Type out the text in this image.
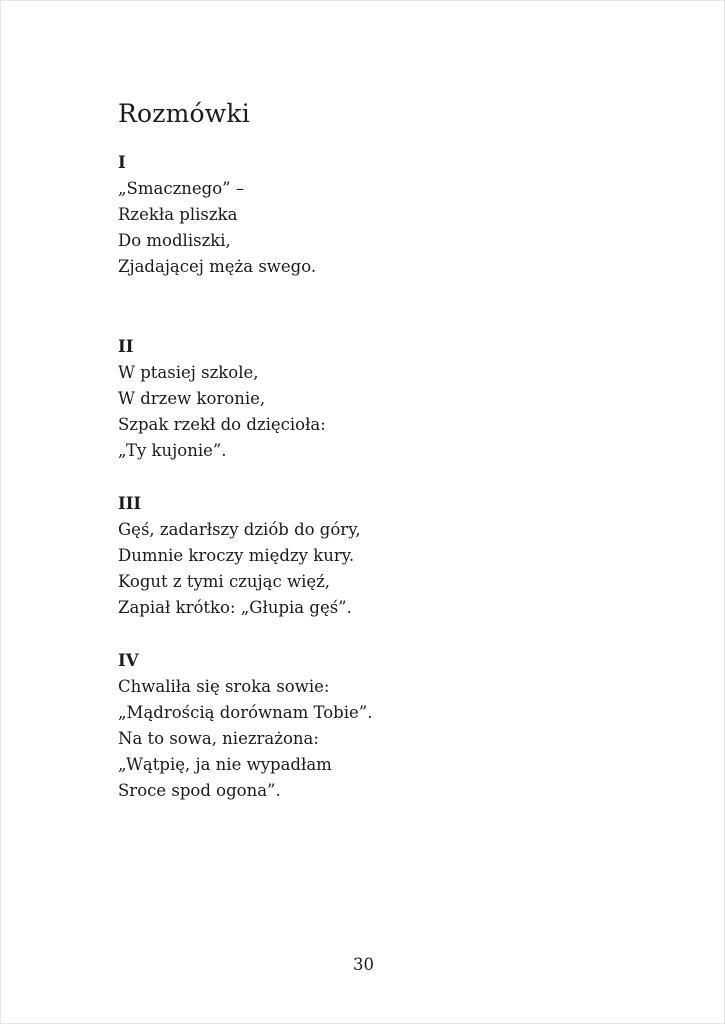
Rozmówki
I
„Smacznego” –
Rzekła pliszka
Do modliszki,
Zjadającej męża swego.
II
W ptasiej szkole,
W drzew koronie,
Szpak rzekł do dzięcioła:
„Ty kujonie”.
III
Gęś, zadarłszy dziób do góry,
Dumnie kroczy między kury.
Kogut z tymi czując więź,
Zapiał krótko: „Głupia gęś”.
IV
Chwaliła się sroka sowie:
„Mądrością dorównam Tobie”.
Na to sowa, niezrażona:
„Wątpię, ja nie wypadłam
Sroce spod ogona”.
30
